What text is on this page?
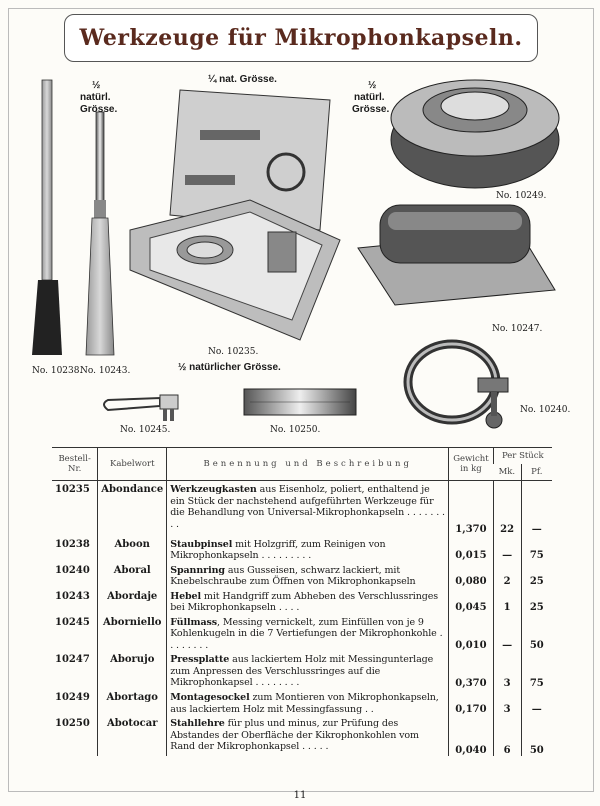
Werkzeuge für Mikrophonkapseln.
½
natürl.
Grösse.
¼ nat. Grösse.
½
natürl.
Grösse.
½ natürlicher Grösse.
No. 10249.
No. 10247.
No. 10235.
No. 10238.
No. 10243.
No. 10245.	No. 10250.
No. 10240.
Bestell-Nr.	Kabelwort	Benennung und Beschreibung	Gewicht in kg	Per Stück	
				Mk.	Pf.
10235	Abondance	Werkzeugkasten aus Eisenholz, poliert, enthaltend je ein Stück der nachstehend aufgeführten Werkzeuge für die Behandlung von Universal-Mikrophonkapseln . . . . . . . . .	1,370	22	—
10238	Aboon	Staubpinsel mit Holzgriff, zum Reinigen von Mikrophonkapseln . . . . . . . . .	0,015	—	75
10240	Aboral	Spannring aus Gusseisen, schwarz lackiert, mit Knebelschraube zum Öffnen von Mikrophonkapseln	0,080	2	25
10243	Abordaje	Hebel mit Handgriff zum Abheben des Verschlussringes bei Mikrophonkapseln . . . .	0,045	1	25
10245	Aborniello	Füllmass, Messing vernickelt, zum Einfüllen von je 9 Kohlenkugeln in die 7 Vertiefungen der Mikrophonkohle . . . . . . . .	0,010	—	50
10247	Aborujo	Pressplatte aus lackiertem Holz mit Messingunterlage zum Anpressen des Verschlussringes auf die Mikrophonkapsel . . . . . . . .	0,370	3	75
10249	Abortago	Montagesockel zum Montieren von Mikrophonkapseln, aus lackiertem Holz mit Messingfassung . .	0,170	3	—
10250	Abotocar	Stahllehre für plus und minus, zur Prüfung des Abstandes der Oberfläche der Kikrophonkohlen vom Rand der Mikrophonkapsel . . . . .	0,040	6	50
11
